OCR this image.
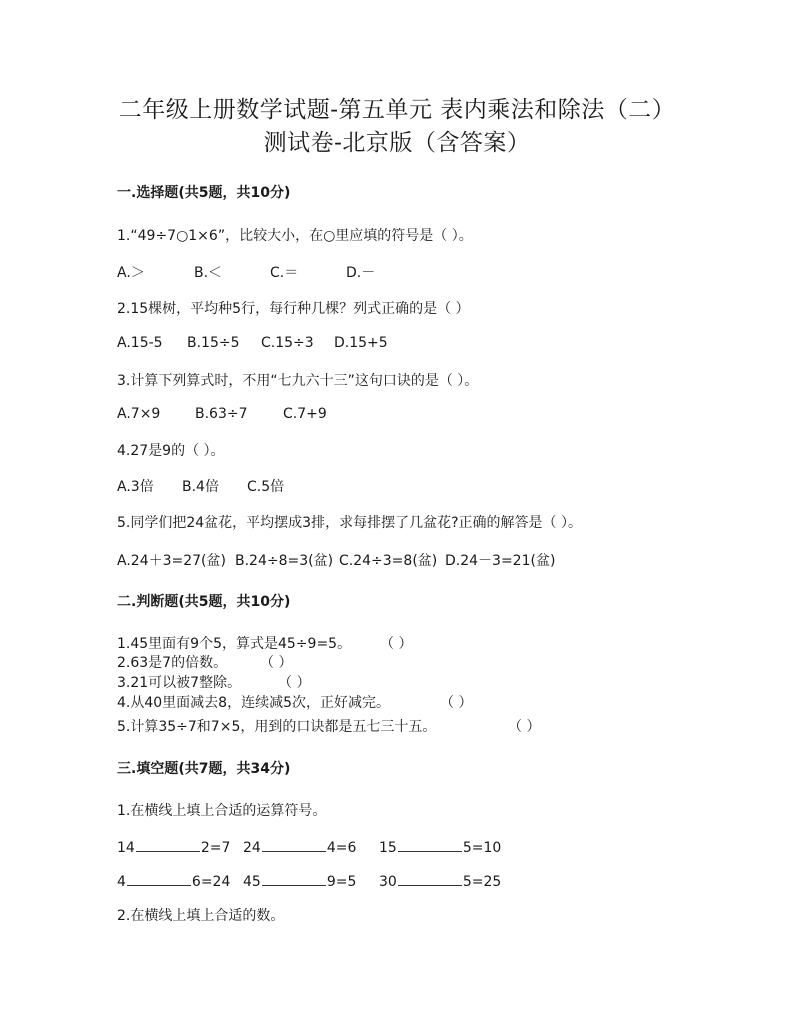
二年级上册数学试题-第五单元 表内乘法和除法（二）
测试卷-北京版（含答案）
一.选择题(共5题，共10分)
1.“49÷7○1×6”，比较大小，在○里应填的符号是（ ）。
A.＞	B.＜	C.＝	D.－
2.15棵树，平均种5行，每行种几棵？列式正确的是（ ）
A.15-5 B.15÷5 C.15÷3 D.15+5
3.计算下列算式时，不用“七九六十三”这句口诀的是（ ）。
A.7×9 B.63÷7	C.7+9
4.27是9的（ ）。
A.3倍 B.4倍 C.5倍
5.同学们把24盆花，平均摆成3排，求每排摆了几盆花?正确的解答是（ ）。
A.24＋3=27(盆) B.24÷8=3(盆) C.24÷3=8(盆) D.24－3=21(盆)
二.判断题(共5题，共10分)
1.45里面有9个5，算式是45÷9=5。 （ ）
2.63是7的倍数。 （ ）
3.21可以被7整除。	（ ）
4.从40里面减去8，连续减5次，正好减完。	（ ）
5.计算35÷7和7×5，用到的口诀都是五七三十五。	（ ）
三.填空题(共7题，共34分)
1.在横线上填上合适的运算符号。
14	2=7 24	4=6 15	5=10
4	6=24 45	9=5 30	5=25
2.在横线上填上合适的数。
